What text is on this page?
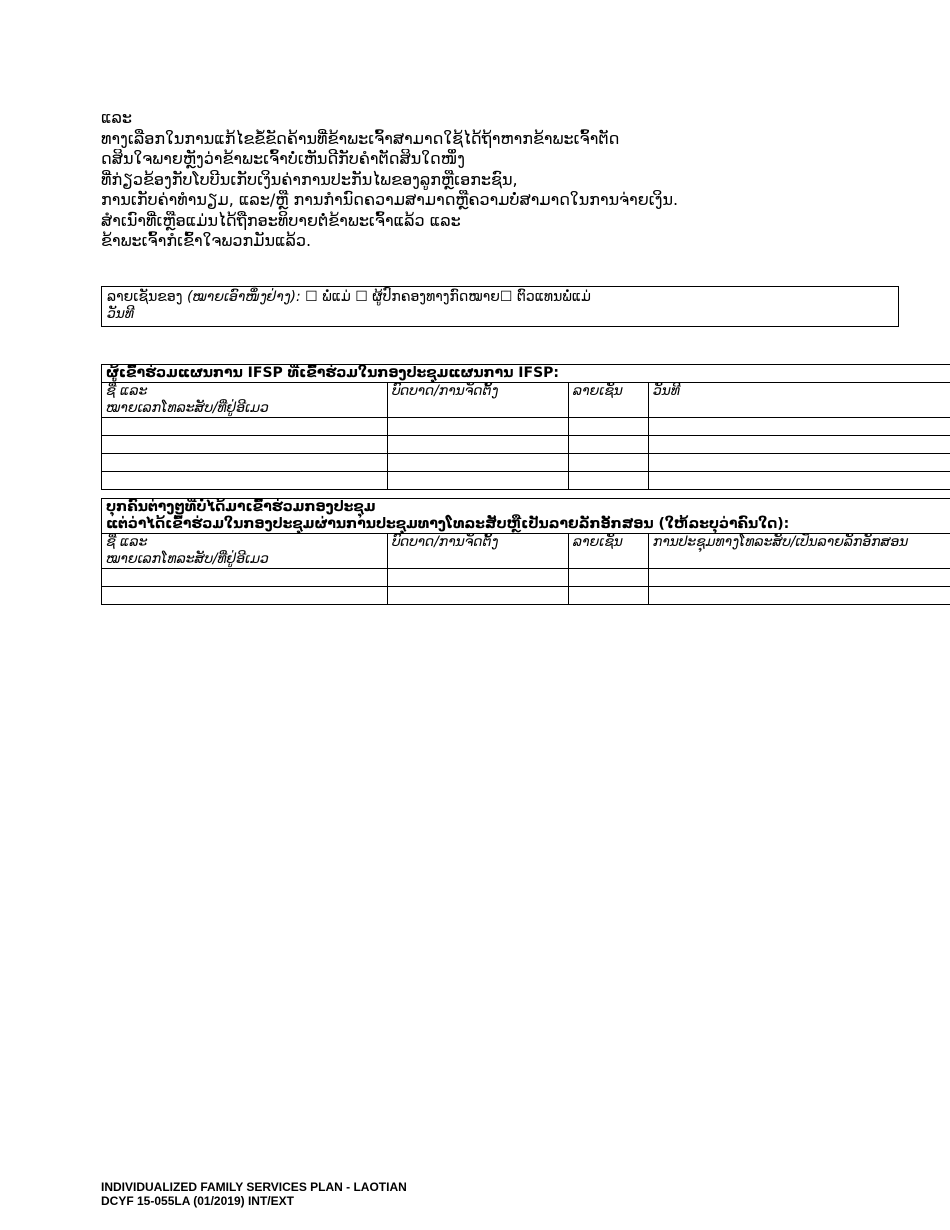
ແລະ
ທາງເລືອກໃນການແກ້ໄຂຂໍ້ຂັດຄ້ານທີ່ຂ້າພະເຈົ້າສາມາດໃຊ້ໄດ້ຖ້າຫາກຂ້າພະເຈົ້າຕັດ
ດສິນໃຈພາຍຫຼັງວ່າຂ້າພະເຈົ້າບໍ່ເຫັນດີກັບຄໍາຕັດສິນໃດໜຶ່ງ
ທີ່ກ່ຽວຂ້ອງກັບໂບບີນເກັບເງິນຄ່າການປະກັນໄພຂອງລູກຫຼືເອກະຊົນ,
ການເກັບຄ່າທໍານຽມ, ແລະ/ຫຼື ການກໍານົດຄວາມສາມາດຫຼືຄວາມບໍ່ສາມາດໃນການຈ່າຍເງິນ.
ສໍາເນົາທີ່ເຫຼືອແມ່ນໄດ້ຖືກອະທິບາຍຕໍ່ຂ້າພະເຈົ້າແລ້ວ ແລະ
ຂ້າພະເຈົ້າກໍເຂົ້າໃຈພວກມັນແລ້ວ.
ລາຍເຊັນຂອງ (ໝາຍເອົາໜຶ່ງຢ່າງ): ☐ ພໍ່ແມ່ ☐ ຜູ້ປົກຄອງທາງກົດໝາຍ☐ ຕົວແທນພໍ່ແມ່
ວັນທີ
ຜູ້ເຂົ້າຮ່ວມແຜນການ IFSP ທີ່ເຂົ້າຮ່ວມໃນກອງປະຊຸມແຜນການ IFSP:			

ຊື່ ແລະ
ໝາຍເລກໂທລະສັບ/ທີ່ຢູ່ອີເມວ	ບົດບາດ/ການຈັດຕັ້ງ	ລາຍເຊັນ	ວັນທີ

ບຸກຄົນຕ່າງໆທີ່ບໍ່ໄດ້ມາເຂົ້າຮ່ວມກອງປະຊຸມ
ແຕ່ວ່າໄດ້ເຂົ້າຮ່ວມໃນກອງປະຊຸມຜ່ານການປະຊຸມທາງໂທລະສັບຫຼືເປັນລາຍລັກອັກສອນ (ໃຫ້ລະບຸວ່າຄົນໃດ):			

ຊື່ ແລະ
ໝາຍເລກໂທລະສັບ/ທີ່ຢູ່ອີເມວ	ບົດບາດ/ການຈັດຕັ້ງ	ລາຍເຊັນ	ການປະຊຸມທາງໂທລະສັບ/ເປັນລາຍລັກອັກສອນ

INDIVIDUALIZED FAMILY SERVICES PLAN - LAOTIAN
DCYF 15-055LA (01/2019) INT/EXT
